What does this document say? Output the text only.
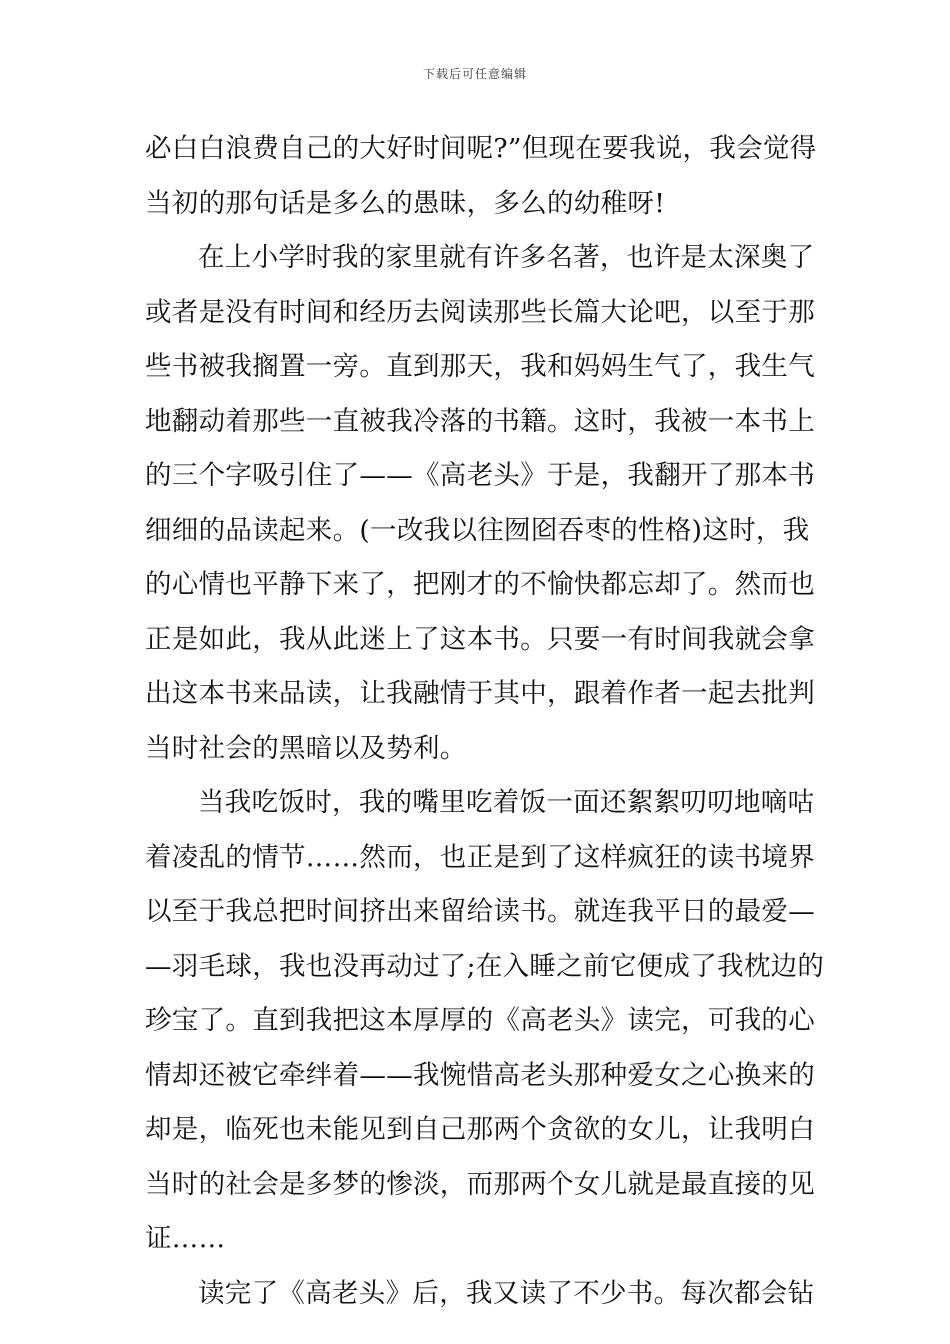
下载后可任意编辑
必白白浪费自己的大好时间呢?”但现在要我说，我会觉得
当初的那句话是多么的愚昧，多么的幼稚呀!
在上小学时我的家里就有许多名著，也许是太深奥了
或者是没有时间和经历去阅读那些长篇大论吧，以至于那
些书被我搁置一旁。直到那天，我和妈妈生气了，我生气
地翻动着那些一直被我冷落的书籍。这时，我被一本书上
的三个字吸引住了——《高老头》于是，我翻开了那本书
细细的品读起来。(一改我以往囫囵吞枣的性格)这时，我
的心情也平静下来了，把刚才的不愉快都忘却了。然而也
正是如此，我从此迷上了这本书。只要一有时间我就会拿
出这本书来品读，让我融情于其中，跟着作者一起去批判
当时社会的黑暗以及势利。
当我吃饭时，我的嘴里吃着饭一面还絮絮叨叨地嘀咕
着凌乱的情节……然而，也正是到了这样疯狂的读书境界
以至于我总把时间挤出来留给读书。就连我平日的最爱—
—羽毛球，我也没再动过了;在入睡之前它便成了我枕边的
珍宝了。直到我把这本厚厚的《高老头》读完，可我的心
情却还被它牵绊着——我惋惜高老头那种爱女之心换来的
却是，临死也未能见到自己那两个贪欲的女儿，让我明白
当时的社会是多梦的惨淡，而那两个女儿就是最直接的见
证……
读完了《高老头》后，我又读了不少书。每次都会钻
